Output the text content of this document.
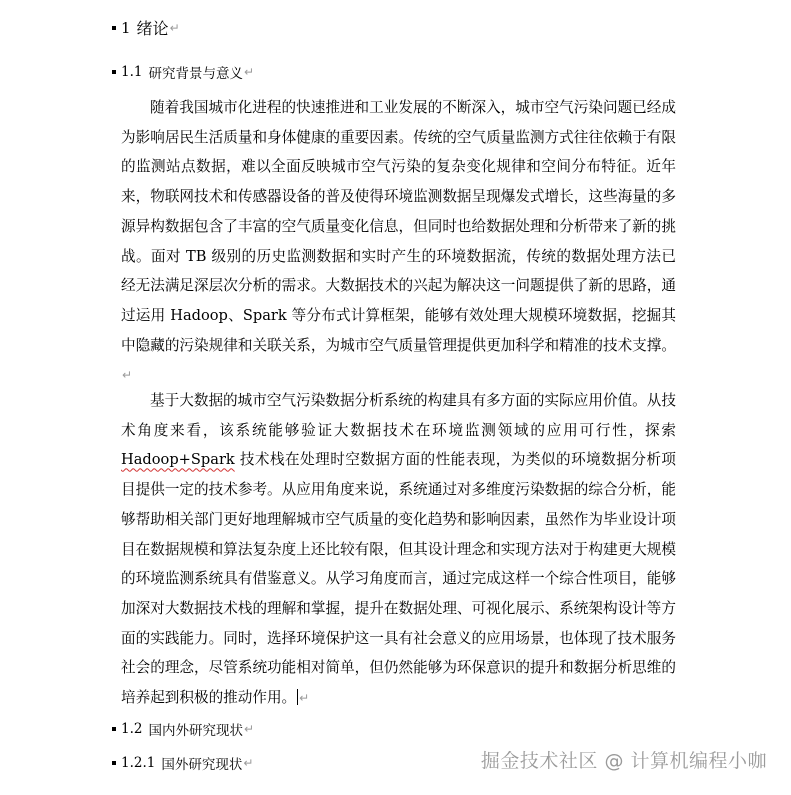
1 绪论 ↵
1.1 研究背景与意义 ↵

随着我国城市化进程的快速推进和工业发展的不断深入，城市空气污染问题已经成为影响居民生活质量和身体健康的重要因素。传统的空气质量监测方式往往依赖于有限的监测站点数据，难以全面反映城市空气污染的复杂变化规律和空间分布特征。近年来，物联网技术和传感器设备的普及使得环境监测数据呈现爆发式增长，这些海量的多源异构数据包含了丰富的空气质量变化信息，但同时也给数据处理和分析带来了新的挑战。面对 TB 级别的历史监测数据和实时产生的环境数据流，传统的数据处理方法已经无法满足深层次分析的需求。大数据技术的兴起为解决这一问题提供了新的思路，通过运用 Hadoop、Spark 等分布式计算框架，能够有效处理大规模环境数据，挖掘其中隐藏的污染规律和关联关系，为城市空气质量管理提供更加科学和精准的技术支撑。↵

基于大数据的城市空气污染数据分析系统的构建具有多方面的实际应用价值。从技术角度来看，该系统能够验证大数据技术在环境监测领域的应用可行性，探索 Hadoop+Spark 技术栈在处理时空数据方面的性能表现，为类似的环境数据分析项目提供一定的技术参考。从应用角度来说，系统通过对多维度污染数据的综合分析，能够帮助相关部门更好地理解城市空气质量的变化趋势和影响因素，虽然作为毕业设计项目在数据规模和算法复杂度上还比较有限，但其设计理念和实现方法对于构建更大规模的环境监测系统具有借鉴意义。从学习角度而言，通过完成这样一个综合性项目，能够加深对大数据技术栈的理解和掌握，提升在数据处理、可视化展示、系统架构设计等方面的实践能力。同时，选择环境保护这一具有社会意义的应用场景，也体现了技术服务社会的理念，尽管系统功能相对简单，但仍然能够为环保意识的提升和数据分析思维的培养起到积极的推动作用。 ↵

1.2 国内外研究现状 ↵
1.2.1 国外研究现状 ↵	掘金技术社区 @ 计算机编程小咖
